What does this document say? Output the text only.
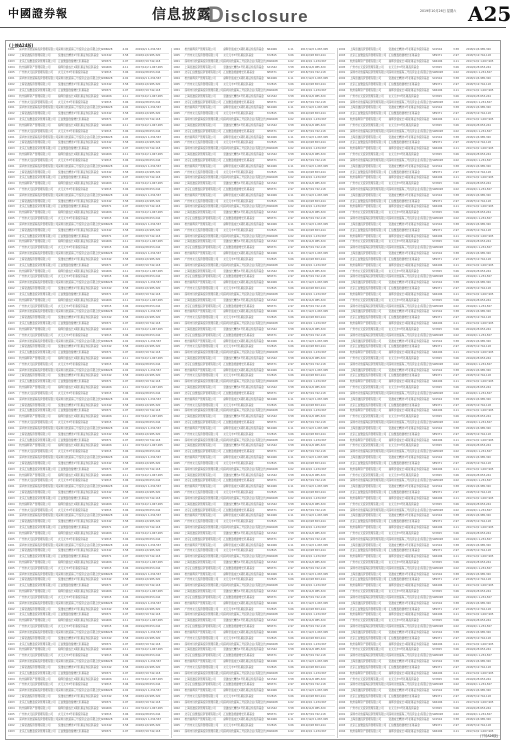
中國證券報	信息披露
Disclosure	2019年10月26日 星期六 A25
(上接A24版)
1001	深圳市远致富海投资管理有限公司 深圳远致富海三号投资企业(有限合伙) SW6028	4.02	2019/4/1 1,234,567
1002	上海宽潍投资管理有限公司	宽潍成长精选1号私募证券投资基金	SX1542	3.58	2018/11/6 985,320
1003	北京汇信聚盈投资管理有限公司 汇信聚盈稳健增长私募基金	SE9371	2.97	2018/7/19 742,118
1004	杭州鼎晖资产管理有限公司	鼎晖价值成长1期私募证券投资基金	SR4406	4.11	2017/12/2 1,067,905
1005	广州市玄元投资管理有限公司	玄元元丰3号私募投资基金	SY2815	3.06	2019/2/28 653,244
1001	深圳市远致富海投资管理有限公司 深圳远致富海三号投资企业(有限合伙) SW6028	4.02	2019/4/1 1,234,567
1002	上海宽潍投资管理有限公司	宽潍成长精选1号私募证券投资基金	SX1542	3.58	2018/11/6 985,320
1003	北京汇信聚盈投资管理有限公司 汇信聚盈稳健增长私募基金	SE9371	2.97	2018/7/19 742,118
1004	杭州鼎晖资产管理有限公司	鼎晖价值成长1期私募证券投资基金	SR4406	4.11	2017/12/2 1,067,905
1005	广州市玄元投资管理有限公司	玄元元丰3号私募投资基金	SY2815	3.06	2019/2/28 653,244
1001	深圳市远致富海投资管理有限公司 深圳远致富海三号投资企业(有限合伙) SW6028	4.02	2019/4/1 1,234,567
1002	上海宽潍投资管理有限公司	宽潍成长精选1号私募证券投资基金	SX1542	3.58	2018/11/6 985,320
1003	北京汇信聚盈投资管理有限公司 汇信聚盈稳健增长私募基金	SE9371	2.97	2018/7/19 742,118
1004	杭州鼎晖资产管理有限公司	鼎晖价值成长1期私募证券投资基金	SR4406	4.11	2017/12/2 1,067,905
1005	广州市玄元投资管理有限公司	玄元元丰3号私募投资基金	SY2815	3.06	2019/2/28 653,244
1001	深圳市远致富海投资管理有限公司 深圳远致富海三号投资企业(有限合伙) SW6028	4.02	2019/4/1 1,234,567
1002	上海宽潍投资管理有限公司	宽潍成长精选1号私募证券投资基金	SX1542	3.58	2018/11/6 985,320
1003	北京汇信聚盈投资管理有限公司 汇信聚盈稳健增长私募基金	SE9371	2.97	2018/7/19 742,118
1004	杭州鼎晖资产管理有限公司	鼎晖价值成长1期私募证券投资基金	SR4406	4.11	2017/12/2 1,067,905
1005	广州市玄元投资管理有限公司	玄元元丰3号私募投资基金	SY2815	3.06	2019/2/28 653,244
1001	深圳市远致富海投资管理有限公司 深圳远致富海三号投资企业(有限合伙) SW6028	4.02	2019/4/1 1,234,567
1002	上海宽潍投资管理有限公司	宽潍成长精选1号私募证券投资基金	SX1542	3.58	2018/11/6 985,320
1003	北京汇信聚盈投资管理有限公司 汇信聚盈稳健增长私募基金	SE9371	2.97	2018/7/19 742,118
1004	杭州鼎晖资产管理有限公司	鼎晖价值成长1期私募证券投资基金	SR4406	4.11	2017/12/2 1,067,905
1005	广州市玄元投资管理有限公司	玄元元丰3号私募投资基金	SY2815	3.06	2019/2/28 653,244
1001	深圳市远致富海投资管理有限公司 深圳远致富海三号投资企业(有限合伙) SW6028	4.02	2019/4/1 1,234,567
1002	上海宽潍投资管理有限公司	宽潍成长精选1号私募证券投资基金	SX1542	3.58	2018/11/6 985,320
1003	北京汇信聚盈投资管理有限公司 汇信聚盈稳健增长私募基金	SE9371	2.97	2018/7/19 742,118
1004	杭州鼎晖资产管理有限公司	鼎晖价值成长1期私募证券投资基金	SR4406	4.11	2017/12/2 1,067,905
1005	广州市玄元投资管理有限公司	玄元元丰3号私募投资基金	SY2815	3.06	2019/2/28 653,244
1001	深圳市远致富海投资管理有限公司 深圳远致富海三号投资企业(有限合伙) SW6028	4.02	2019/4/1 1,234,567
1002	上海宽潍投资管理有限公司	宽潍成长精选1号私募证券投资基金	SX1542	3.58	2018/11/6 985,320
1003	北京汇信聚盈投资管理有限公司 汇信聚盈稳健增长私募基金	SE9371	2.97	2018/7/19 742,118
1004	杭州鼎晖资产管理有限公司	鼎晖价值成长1期私募证券投资基金	SR4406	4.11	2017/12/2 1,067,905
1005	广州市玄元投资管理有限公司	玄元元丰3号私募投资基金	SY2815	3.06	2019/2/28 653,244
1001	深圳市远致富海投资管理有限公司 深圳远致富海三号投资企业(有限合伙) SW6028	4.02	2019/4/1 1,234,567
1002	上海宽潍投资管理有限公司	宽潍成长精选1号私募证券投资基金	SX1542	3.58	2018/11/6 985,320
1003	北京汇信聚盈投资管理有限公司 汇信聚盈稳健增长私募基金	SE9371	2.97	2018/7/19 742,118
1004	杭州鼎晖资产管理有限公司	鼎晖价值成长1期私募证券投资基金	SR4406	4.11	2017/12/2 1,067,905
1005	广州市玄元投资管理有限公司	玄元元丰3号私募投资基金	SY2815	3.06	2019/2/28 653,244
1001	深圳市远致富海投资管理有限公司 深圳远致富海三号投资企业(有限合伙) SW6028	4.02	2019/4/1 1,234,567
1002	上海宽潍投资管理有限公司	宽潍成长精选1号私募证券投资基金	SX1542	3.58	2018/11/6 985,320
1003	北京汇信聚盈投资管理有限公司 汇信聚盈稳健增长私募基金	SE9371	2.97	2018/7/19 742,118
1004	杭州鼎晖资产管理有限公司	鼎晖价值成长1期私募证券投资基金	SR4406	4.11	2017/12/2 1,067,905
1005	广州市玄元投资管理有限公司	玄元元丰3号私募投资基金	SY2815	3.06	2019/2/28 653,244
1001	深圳市远致富海投资管理有限公司 深圳远致富海三号投资企业(有限合伙) SW6028	4.02	2019/4/1 1,234,567
1002	上海宽潍投资管理有限公司	宽潍成长精选1号私募证券投资基金	SX1542	3.58	2018/11/6 985,320
1003	北京汇信聚盈投资管理有限公司 汇信聚盈稳健增长私募基金	SE9371	2.97	2018/7/19 742,118
1004	杭州鼎晖资产管理有限公司	鼎晖价值成长1期私募证券投资基金	SR4406	4.11	2017/12/2 1,067,905
1005	广州市玄元投资管理有限公司	玄元元丰3号私募投资基金	SY2815	3.06	2019/2/28 653,244
1001	深圳市远致富海投资管理有限公司 深圳远致富海三号投资企业(有限合伙) SW6028	4.02	2019/4/1 1,234,567
1002	上海宽潍投资管理有限公司	宽潍成长精选1号私募证券投资基金	SX1542	3.58	2018/11/6 985,320
1003	北京汇信聚盈投资管理有限公司 汇信聚盈稳健增长私募基金	SE9371	2.97	2018/7/19 742,118
1004	杭州鼎晖资产管理有限公司	鼎晖价值成长1期私募证券投资基金	SR4406	4.11	2017/12/2 1,067,905
1005	广州市玄元投资管理有限公司	玄元元丰3号私募投资基金	SY2815	3.06	2019/2/28 653,244
1001	深圳市远致富海投资管理有限公司 深圳远致富海三号投资企业(有限合伙) SW6028	4.02	2019/4/1 1,234,567
1002	上海宽潍投资管理有限公司	宽潍成长精选1号私募证券投资基金	SX1542	3.58	2018/11/6 985,320
1003	北京汇信聚盈投资管理有限公司 汇信聚盈稳健增长私募基金	SE9371	2.97	2018/7/19 742,118
1004	杭州鼎晖资产管理有限公司	鼎晖价值成长1期私募证券投资基金	SR4406	4.11	2017/12/2 1,067,905
1005	广州市玄元投资管理有限公司	玄元元丰3号私募投资基金	SY2815	3.06	2019/2/28 653,244
1001	深圳市远致富海投资管理有限公司 深圳远致富海三号投资企业(有限合伙) SW6028	4.02	2019/4/1 1,234,567
1002	上海宽潍投资管理有限公司	宽潍成长精选1号私募证券投资基金	SX1542	3.58	2018/11/6 985,320
1003	北京汇信聚盈投资管理有限公司 汇信聚盈稳健增长私募基金	SE9371	2.97	2018/7/19 742,118
1004	杭州鼎晖资产管理有限公司	鼎晖价值成长1期私募证券投资基金	SR4406	4.11	2017/12/2 1,067,905
1005	广州市玄元投资管理有限公司	玄元元丰3号私募投资基金	SY2815	3.06	2019/2/28 653,244
1001	深圳市远致富海投资管理有限公司 深圳远致富海三号投资企业(有限合伙) SW6028	4.02	2019/4/1 1,234,567
1002	上海宽潍投资管理有限公司	宽潍成长精选1号私募证券投资基金	SX1542	3.58	2018/11/6 985,320
1003	北京汇信聚盈投资管理有限公司 汇信聚盈稳健增长私募基金	SE9371	2.97	2018/7/19 742,118
1004	杭州鼎晖资产管理有限公司	鼎晖价值成长1期私募证券投资基金	SR4406	4.11	2017/12/2 1,067,905
1005	广州市玄元投资管理有限公司	玄元元丰3号私募投资基金	SY2815	3.06	2019/2/28 653,244
1001	深圳市远致富海投资管理有限公司 深圳远致富海三号投资企业(有限合伙) SW6028	4.02	2019/4/1 1,234,567
1002	上海宽潍投资管理有限公司	宽潍成长精选1号私募证券投资基金	SX1542	3.58	2018/11/6 985,320
1003	北京汇信聚盈投资管理有限公司 汇信聚盈稳健增长私募基金	SE9371	2.97	2018/7/19 742,118
1004	杭州鼎晖资产管理有限公司	鼎晖价值成长1期私募证券投资基金	SR4406	4.11	2017/12/2 1,067,905
1005	广州市玄元投资管理有限公司	玄元元丰3号私募投资基金	SY2815	3.06	2019/2/28 653,244
1001	深圳市远致富海投资管理有限公司 深圳远致富海三号投资企业(有限合伙) SW6028	4.02	2019/4/1 1,234,567
1002	上海宽潍投资管理有限公司	宽潍成长精选1号私募证券投资基金	SX1542	3.58	2018/11/6 985,320
1003	北京汇信聚盈投资管理有限公司 汇信聚盈稳健增长私募基金	SE9371	2.97	2018/7/19 742,118
1004	杭州鼎晖资产管理有限公司	鼎晖价值成长1期私募证券投资基金	SR4406	4.11	2017/12/2 1,067,905
1005	广州市玄元投资管理有限公司	玄元元丰3号私募投资基金	SY2815	3.06	2019/2/28 653,244
1001	深圳市远致富海投资管理有限公司 深圳远致富海三号投资企业(有限合伙) SW6028	4.02	2019/4/1 1,234,567
1002	上海宽潍投资管理有限公司	宽潍成长精选1号私募证券投资基金	SX1542	3.58	2018/11/6 985,320
1003	北京汇信聚盈投资管理有限公司 汇信聚盈稳健增长私募基金	SE9371	2.97	2018/7/19 742,118
1004	杭州鼎晖资产管理有限公司	鼎晖价值成长1期私募证券投资基金	SR4406	4.11	2017/12/2 1,067,905
1005	广州市玄元投资管理有限公司	玄元元丰3号私募投资基金	SY2815	3.06	2019/2/28 653,244
1001	深圳市远致富海投资管理有限公司 深圳远致富海三号投资企业(有限合伙) SW6028	4.02	2019/4/1 1,234,567
1002	上海宽潍投资管理有限公司	宽潍成长精选1号私募证券投资基金	SX1542	3.58	2018/11/6 985,320
1003	北京汇信聚盈投资管理有限公司 汇信聚盈稳健增长私募基金	SE9371	2.97	2018/7/19 742,118
1004	杭州鼎晖资产管理有限公司	鼎晖价值成长1期私募证券投资基金	SR4406	4.11	2017/12/2 1,067,905
1005	广州市玄元投资管理有限公司	玄元元丰3号私募投资基金	SY2815	3.06	2019/2/28 653,244
1001	深圳市远致富海投资管理有限公司 深圳远致富海三号投资企业(有限合伙) SW6028	4.02	2019/4/1 1,234,567
1002	上海宽潍投资管理有限公司	宽潍成长精选1号私募证券投资基金	SX1542	3.58	2018/11/6 985,320
1003	北京汇信聚盈投资管理有限公司 汇信聚盈稳健增长私募基金	SE9371	2.97	2018/7/19 742,118
1004	杭州鼎晖资产管理有限公司	鼎晖价值成长1期私募证券投资基金	SR4406	4.11	2017/12/2 1,067,905
1005	广州市玄元投资管理有限公司	玄元元丰3号私募投资基金	SY2815	3.06	2019/2/28 653,244
1001	深圳市远致富海投资管理有限公司 深圳远致富海三号投资企业(有限合伙) SW6028	4.02	2019/4/1 1,234,567
1002	上海宽潍投资管理有限公司	宽潍成长精选1号私募证券投资基金	SX1542	3.58	2018/11/6 985,320
1003	北京汇信聚盈投资管理有限公司 汇信聚盈稳健增长私募基金	SE9371	2.97	2018/7/19 742,118
1004	杭州鼎晖资产管理有限公司	鼎晖价值成长1期私募证券投资基金	SR4406	4.11	2017/12/2 1,067,905
1005	广州市玄元投资管理有限公司	玄元元丰3号私募投资基金	SY2815	3.06	2019/2/28 653,244
1001	深圳市远致富海投资管理有限公司 深圳远致富海三号投资企业(有限合伙) SW6028	4.02	2019/4/1 1,234,567
1002	上海宽潍投资管理有限公司	宽潍成长精选1号私募证券投资基金	SX1542	3.58	2018/11/6 985,320
1003	北京汇信聚盈投资管理有限公司 汇信聚盈稳健增长私募基金	SE9371	2.97	2018/7/19 742,118
1004	杭州鼎晖资产管理有限公司	鼎晖价值成长1期私募证券投资基金	SR4406	4.11	2017/12/2 1,067,905
1005	广州市玄元投资管理有限公司	玄元元丰3号私募投资基金	SY2815	3.06	2019/2/28 653,244
1001	深圳市远致富海投资管理有限公司 深圳远致富海三号投资企业(有限合伙) SW6028	4.02	2019/4/1 1,234,567
1002	上海宽潍投资管理有限公司	宽潍成长精选1号私募证券投资基金	SX1542	3.58	2018/11/6 985,320
1003	北京汇信聚盈投资管理有限公司 汇信聚盈稳健增长私募基金	SE9371	2.97	2018/7/19 742,118
1004	杭州鼎晖资产管理有限公司	鼎晖价值成长1期私募证券投资基金	SR4406	4.11	2017/12/2 1,067,905
1005	广州市玄元投资管理有限公司	玄元元丰3号私募投资基金	SY2815	3.06	2019/2/28 653,244
1001	深圳市远致富海投资管理有限公司 深圳远致富海三号投资企业(有限合伙) SW6028	4.02	2019/4/1 1,234,567
1002	上海宽潍投资管理有限公司	宽潍成长精选1号私募证券投资基金	SX1542	3.58	2018/11/6 985,320
1003	北京汇信聚盈投资管理有限公司 汇信聚盈稳健增长私募基金	SE9371	2.97	2018/7/19 742,118
1004	杭州鼎晖资产管理有限公司	鼎晖价值成长1期私募证券投资基金	SR4406	4.11	2017/12/2 1,067,905
1005	广州市玄元投资管理有限公司	玄元元丰3号私募投资基金	SY2815	3.06	2019/2/28 653,244
1001	深圳市远致富海投资管理有限公司 深圳远致富海三号投资企业(有限合伙) SW6028	4.02	2019/4/1 1,234,567
1002	上海宽潍投资管理有限公司	宽潍成长精选1号私募证券投资基金	SX1542	3.58	2018/11/6 985,320
1003	北京汇信聚盈投资管理有限公司 汇信聚盈稳健增长私募基金	SE9371	2.97	2018/7/19 742,118
1004	杭州鼎晖资产管理有限公司	鼎晖价值成长1期私募证券投资基金	SR4406	4.11	2017/12/2 1,067,905
1005	广州市玄元投资管理有限公司	玄元元丰3号私募投资基金	SY2815	3.06	2019/2/28 653,244
1001	深圳市远致富海投资管理有限公司 深圳远致富海三号投资企业(有限合伙) SW6028	4.02	2019/4/1 1,234,567
1002	上海宽潍投资管理有限公司	宽潍成长精选1号私募证券投资基金	SX1542	3.58	2018/11/6 985,320
1003	北京汇信聚盈投资管理有限公司 汇信聚盈稳健增长私募基金	SE9371	2.97	2018/7/19 742,118
1004	杭州鼎晖资产管理有限公司	鼎晖价值成长1期私募证券投资基金	SR4406	4.11	2017/12/2 1,067,905
1005	广州市玄元投资管理有限公司	玄元元丰3号私募投资基金	SY2815	3.06	2019/2/28 653,244
1001	深圳市远致富海投资管理有限公司 深圳远致富海三号投资企业(有限合伙) SW6028	4.02	2019/4/1 1,234,567
1002	上海宽潍投资管理有限公司	宽潍成长精选1号私募证券投资基金	SX1542	3.58	2018/11/6 985,320
1003	北京汇信聚盈投资管理有限公司 汇信聚盈稳健增长私募基金	SE9371	2.97	2018/7/19 742,118
1004	杭州鼎晖资产管理有限公司	鼎晖价值成长1期私募证券投资基金	SR4406	4.11	2017/12/2 1,067,905
1005	广州市玄元投资管理有限公司	玄元元丰3号私募投资基金	SY2815	3.06	2019/2/28 653,244
1001	深圳市远致富海投资管理有限公司 深圳远致富海三号投资企业(有限合伙) SW6028	4.02	2019/4/1 1,234,567
1002	上海宽潍投资管理有限公司	宽潍成长精选1号私募证券投资基金	SX1542	3.58	2018/11/6 985,320
1003	北京汇信聚盈投资管理有限公司 汇信聚盈稳健增长私募基金	SE9371	2.97	2018/7/19 742,118
1004	杭州鼎晖资产管理有限公司	鼎晖价值成长1期私募证券投资基金	SR4406	4.11	2017/12/2 1,067,905
1005	广州市玄元投资管理有限公司	玄元元丰3号私募投资基金	SY2815	3.06	2019/2/28 653,244
1001	深圳市远致富海投资管理有限公司 深圳远致富海三号投资企业(有限合伙) SW6028	4.02	2019/4/1 1,234,567
1002	上海宽潍投资管理有限公司	宽潍成长精选1号私募证券投资基金	SX1542	3.58	2018/11/6 985,320
1003	北京汇信聚盈投资管理有限公司 汇信聚盈稳健增长私募基金	SE9371	2.97	2018/7/19 742,118
1004	杭州鼎晖资产管理有限公司	鼎晖价值成长1期私募证券投资基金	SR4406	4.11	2017/12/2 1,067,905
1005	广州市玄元投资管理有限公司	玄元元丰3号私募投资基金	SY2815	3.06	2019/2/28 653,244
1001	深圳市远致富海投资管理有限公司 深圳远致富海三号投资企业(有限合伙) SW6028	4.02	2019/4/1 1,234,567
1002	上海宽潍投资管理有限公司	宽潍成长精选1号私募证券投资基金	SX1542	3.58	2018/11/6 985,320
1003	北京汇信聚盈投资管理有限公司 汇信聚盈稳健增长私募基金	SE9371	2.97	2018/7/19 742,118
1004	杭州鼎晖资产管理有限公司	鼎晖价值成长1期私募证券投资基金	SR4406	4.11	2017/12/2 1,067,905
1005	广州市玄元投资管理有限公司	玄元元丰3号私募投资基金	SY2815	3.06	2019/2/28 653,244
1001	深圳市远致富海投资管理有限公司 深圳远致富海三号投资企业(有限合伙) SW6028	4.02	2019/4/1 1,234,567
1002	上海宽潍投资管理有限公司	宽潍成长精选1号私募证券投资基金	SX1542	3.58	2018/11/6 985,320
1003	北京汇信聚盈投资管理有限公司 汇信聚盈稳健增长私募基金	SE9371	2.97	2018/7/19 742,118
1004	杭州鼎晖资产管理有限公司	鼎晖价值成长1期私募证券投资基金	SR4406	4.11	2017/12/2 1,067,905
1005	广州市玄元投资管理有限公司	玄元元丰3号私募投资基金	SY2815	3.06	2019/2/28 653,244
1001	深圳市远致富海投资管理有限公司 深圳远致富海三号投资企业(有限合伙) SW6028	4.02	2019/4/1 1,234,567
1002	上海宽潍投资管理有限公司	宽潍成长精选1号私募证券投资基金	SX1542	3.58	2018/11/6 985,320
1003	北京汇信聚盈投资管理有限公司 汇信聚盈稳健增长私募基金	SE9371	2.97	2018/7/19 742,118
1004	杭州鼎晖资产管理有限公司	鼎晖价值成长1期私募证券投资基金	SR4406	4.11	2017/12/2 1,067,905
1005	广州市玄元投资管理有限公司	玄元元丰3号私募投资基金	SY2815	3.06	2019/2/28 653,244
1001	深圳市远致富海投资管理有限公司 深圳远致富海三号投资企业(有限合伙) SW6028	4.02	2019/4/1 1,234,567
1002	上海宽潍投资管理有限公司	宽潍成长精选1号私募证券投资基金	SX1542	3.58	2018/11/6 985,320
1003	北京汇信聚盈投资管理有限公司 汇信聚盈稳健增长私募基金	SE9371	2.97	2018/7/19 742,118
1004	杭州鼎晖资产管理有限公司	鼎晖价值成长1期私募证券投资基金	SR4406	4.11	2017/12/2 1,067,905
1005	广州市玄元投资管理有限公司	玄元元丰3号私募投资基金	SY2815	3.06	2019/2/28 653,244
1001	深圳市远致富海投资管理有限公司 深圳远致富海三号投资企业(有限合伙) SW6028	4.02	2019/4/1 1,234,567
1002	上海宽潍投资管理有限公司	宽潍成长精选1号私募证券投资基金	SX1542	3.58	2018/11/6 985,320
1003	北京汇信聚盈投资管理有限公司 汇信聚盈稳健增长私募基金	SE9371	2.97	2018/7/19 742,118
1004	杭州鼎晖资产管理有限公司	鼎晖价值成长1期私募证券投资基金	SR4406	4.11	2017/12/2 1,067,905
1005	广州市玄元投资管理有限公司	玄元元丰3号私募投资基金	SY2815	3.06	2019/2/28 653,244
1001	深圳市远致富海投资管理有限公司 深圳远致富海三号投资企业(有限合伙) SW6028	4.02	2019/4/1 1,234,567
1002	上海宽潍投资管理有限公司	宽潍成长精选1号私募证券投资基金	SX1542	3.58	2018/11/6 985,320
1003	北京汇信聚盈投资管理有限公司 汇信聚盈稳健增长私募基金	SE9371	2.97	2018/7/19 742,118
1004	杭州鼎晖资产管理有限公司	鼎晖价值成长1期私募证券投资基金	SR4406	4.11	2017/12/2 1,067,905
1005	广州市玄元投资管理有限公司	玄元元丰3号私募投资基金	SY2815	3.06	2019/2/28 653,244
1001	深圳市远致富海投资管理有限公司 深圳远致富海三号投资企业(有限合伙) SW6028	4.02	2019/4/1 1,234,567
1002	上海宽潍投资管理有限公司	宽潍成长精选1号私募证券投资基金	SX1542	3.58	2018/11/6 985,320
1003	北京汇信聚盈投资管理有限公司 汇信聚盈稳健增长私募基金	SE9371	2.97	2018/7/19 742,118
1004	杭州鼎晖资产管理有限公司	鼎晖价值成长1期私募证券投资基金	SR4406	4.11	2017/12/2 1,067,905
1005	广州市玄元投资管理有限公司	玄元元丰3号私募投资基金	SY2815	3.06	2019/2/28 653,244
1001	深圳市远致富海投资管理有限公司 深圳远致富海三号投资企业(有限合伙) SW6028	4.02	2019/4/1 1,234,567
1002	上海宽潍投资管理有限公司	宽潍成长精选1号私募证券投资基金	SX1542	3.58	2018/11/6 985,320
1003	北京汇信聚盈投资管理有限公司 汇信聚盈稳健增长私募基金	SE9371	2.97	2018/7/19 742,118
1004	杭州鼎晖资产管理有限公司	鼎晖价值成长1期私募证券投资基金	SR4406	4.11	2017/12/2 1,067,905
1005	广州市玄元投资管理有限公司	玄元元丰3号私募投资基金	SY2815	3.06	2019/2/28 653,244
1001	深圳市远致富海投资管理有限公司 深圳远致富海三号投资企业(有限合伙) SW6028	4.02	2019/4/1 1,234,567
1002	上海宽潍投资管理有限公司	宽潍成长精选1号私募证券投资基金	SX1542	3.58	2018/11/6 985,320
1003	北京汇信聚盈投资管理有限公司 汇信聚盈稳健增长私募基金	SE9371	2.97	2018/7/19 742,118
1004	杭州鼎晖资产管理有限公司	鼎晖价值成长1期私募证券投资基金	SR4406	4.11	2017/12/2 1,067,905
1005	广州市玄元投资管理有限公司	玄元元丰3号私募投资基金	SY2815	3.06	2019/2/28 653,244
1001	深圳市远致富海投资管理有限公司 深圳远致富海三号投资企业(有限合伙) SW6028	4.02	2019/4/1 1,234,567
1002	上海宽潍投资管理有限公司	宽潍成长精选1号私募证券投资基金	SX1542	3.58	2018/11/6 985,320
1003	北京汇信聚盈投资管理有限公司 汇信聚盈稳健增长私募基金	SE9371	2.97	2018/7/19 742,118
1004	杭州鼎晖资产管理有限公司	鼎晖价值成长1期私募证券投资基金	SR4406	4.11	2017/12/2 1,067,905
1005	广州市玄元投资管理有限公司	玄元元丰3号私募投资基金	SY2815	3.06	2019/2/28 653,244
1001	深圳市远致富海投资管理有限公司 深圳远致富海三号投资企业(有限合伙) SW6028	4.02	2019/4/1 1,234,567
1002	上海宽潍投资管理有限公司	宽潍成长精选1号私募证券投资基金	SX1542	3.58	2018/11/6 985,320
1003	北京汇信聚盈投资管理有限公司 汇信聚盈稳健增长私募基金	SE9371	2.97	2018/7/19 742,118
1004	杭州鼎晖资产管理有限公司	鼎晖价值成长1期私募证券投资基金	SR4406	4.11	2017/12/2 1,067,905
1005	广州市玄元投资管理有限公司	玄元元丰3号私募投资基金	SY2815	3.06	2019/2/28 653,244
1001	深圳市远致富海投资管理有限公司 深圳远致富海三号投资企业(有限合伙) SW6028	4.02	2019/4/1 1,234,567
1002	上海宽潍投资管理有限公司	宽潍成长精选1号私募证券投资基金	SX1542	3.58	2018/11/6 985,320
1003	北京汇信聚盈投资管理有限公司 汇信聚盈稳健增长私募基金	SE9371	2.97	2018/7/19 742,118
1004	杭州鼎晖资产管理有限公司	鼎晖价值成长1期私募证券投资基金	SR4406	4.11	2017/12/2 1,067,905
1005	广州市玄元投资管理有限公司	玄元元丰3号私募投资基金	SY2815	3.06	2019/2/28 653,244
1001	深圳市远致富海投资管理有限公司 深圳远致富海三号投资企业(有限合伙) SW6028	4.02	2019/4/1 1,234,567
1002	上海宽潍投资管理有限公司	宽潍成长精选1号私募证券投资基金	SX1542	3.58	2018/11/6 985,320
1003	北京汇信聚盈投资管理有限公司 汇信聚盈稳健增长私募基金	SE9371	2.97	2018/7/19 742,118
1004	杭州鼎晖资产管理有限公司	鼎晖价值成长1期私募证券投资基金	SR4406	4.11	2017/12/2 1,067,905
1005	广州市玄元投资管理有限公司	玄元元丰3号私募投资基金	SY2815	3.06	2019/2/28 653,244
1001	深圳市远致富海投资管理有限公司 深圳远致富海三号投资企业(有限合伙) SW6028	4.02	2019/4/1 1,234,567
1002	上海宽潍投资管理有限公司	宽潍成长精选1号私募证券投资基金	SX1542	3.58	2018/11/6 985,320
1003	北京汇信聚盈投资管理有限公司 汇信聚盈稳健增长私募基金	SE9371	2.97	2018/7/19 742,118
1004	杭州鼎晖资产管理有限公司	鼎晖价值成长1期私募证券投资基金	SR4406	4.11	2017/12/2 1,067,905
1005	广州市玄元投资管理有限公司	玄元元丰3号私募投资基金	SY2815	3.06	2019/2/28 653,244
1001	深圳市远致富海投资管理有限公司 深圳远致富海三号投资企业(有限合伙) SW6028	4.02	2019/4/1 1,234,567
1002	上海宽潍投资管理有限公司	宽潍成长精选1号私募证券投资基金	SX1542	3.58	2018/11/6 985,320
1003	北京汇信聚盈投资管理有限公司 汇信聚盈稳健增长私募基金	SE9371	2.97	2018/7/19 742,118
1004	杭州鼎晖资产管理有限公司	鼎晖价值成长1期私募证券投资基金	SR4406	4.11	2017/12/2 1,067,905
1005	广州市玄元投资管理有限公司	玄元元丰3号私募投资基金	SY2815	3.06	2019/2/28 653,244
1001	深圳市远致富海投资管理有限公司 深圳远致富海三号投资企业(有限合伙) SW6028	4.02	2019/4/1 1,234,567
1002	上海宽潍投资管理有限公司	宽潍成长精选1号私募证券投资基金	SX1542	3.58	2018/11/6 985,320
1003	北京汇信聚盈投资管理有限公司 汇信聚盈稳健增长私募基金	SE9371	2.97	2018/7/19 742,118
1004	杭州鼎晖资产管理有限公司	鼎晖价值成长1期私募证券投资基金	SR4406	4.11	2017/12/2 1,067,905
1005	广州市玄元投资管理有限公司	玄元元丰3号私募投资基金	SY2815	3.06	2019/2/28 653,244
1001	深圳市远致富海投资管理有限公司 深圳远致富海三号投资企业(有限合伙) SW6028	4.02	2019/4/1 1,234,567
1002	上海宽潍投资管理有限公司	宽潍成长精选1号私募证券投资基金	SX1542	3.58	2018/11/6 985,320
1003	北京汇信聚盈投资管理有限公司 汇信聚盈稳健增长私募基金	SE9371	2.97	2018/7/19 742,118
1004	杭州鼎晖资产管理有限公司	鼎晖价值成长1期私募证券投资基金	SR4406	4.11	2017/12/2 1,067,905
1005	广州市玄元投资管理有限公司	玄元元丰3号私募投资基金	SY2815	3.06	2019/2/28 653,244
1001	深圳市远致富海投资管理有限公司 深圳远致富海三号投资企业(有限合伙) SW6028	4.02	2019/4/1 1,234,567
1002	上海宽潍投资管理有限公司	宽潍成长精选1号私募证券投资基金	SX1542	3.58	2018/11/6 985,320
1003	北京汇信聚盈投资管理有限公司 汇信聚盈稳健增长私募基金	SE9371	2.97	2018/7/19 742,118
1004	杭州鼎晖资产管理有限公司	鼎晖价值成长1期私募证券投资基金	SR4406	4.11	2017/12/2 1,067,905
1005	广州市玄元投资管理有限公司	玄元元丰3号私募投资基金	SY2815	3.06	2019/2/28 653,244
1001	深圳市远致富海投资管理有限公司 深圳远致富海三号投资企业(有限合伙) SW6028	4.02	2019/4/1 1,234,567
1002	上海宽潍投资管理有限公司	宽潍成长精选1号私募证券投资基金	SX1542	3.58	2018/11/6 985,320
1003	北京汇信聚盈投资管理有限公司 汇信聚盈稳健增长私募基金	SE9371	2.97	2018/7/19 742,118
1004	杭州鼎晖资产管理有限公司	鼎晖价值成长1期私募证券投资基金	SR4406	4.11	2017/12/2 1,067,905
1005	广州市玄元投资管理有限公司	玄元元丰3号私募投资基金	SY2815	3.06	2019/2/28 653,244
1001	深圳市远致富海投资管理有限公司 深圳远致富海三号投资企业(有限合伙) SW6028	4.02	2019/4/1 1,234,567
1002	上海宽潍投资管理有限公司	宽潍成长精选1号私募证券投资基金	SX1542	3.58	2018/11/6 985,320
1003	北京汇信聚盈投资管理有限公司 汇信聚盈稳健增长私募基金	SE9371	2.97	2018/7/19 742,118
1004	杭州鼎晖资产管理有限公司	鼎晖价值成长1期私募证券投资基金	SR4406	4.11	2017/12/2 1,067,905
1005	广州市玄元投资管理有限公司	玄元元丰3号私募投资基金	SY2815	3.06	2019/2/28 653,244
1001	深圳市远致富海投资管理有限公司 深圳远致富海三号投资企业(有限合伙) SW6028	4.02	2019/4/1 1,234,567
1002	上海宽潍投资管理有限公司	宽潍成长精选1号私募证券投资基金	SX1542	3.58	2018/11/6 985,320
1003	北京汇信聚盈投资管理有限公司 汇信聚盈稳健增长私募基金	SE9371	2.97	2018/7/19 742,118
1004	杭州鼎晖资产管理有限公司	鼎晖价值成长1期私募证券投资基金	SR4406	4.11	2017/12/2 1,067,905
1005	广州市玄元投资管理有限公司	玄元元丰3号私募投资基金	SY2815	3.06	2019/2/28 653,244
1001	深圳市远致富海投资管理有限公司 深圳远致富海三号投资企业(有限合伙) SW6028	4.02	2019/4/1 1,234,567
1002	上海宽潍投资管理有限公司	宽潍成长精选1号私募证券投资基金	SX1542	3.58	2018/11/6 985,320
1003	北京汇信聚盈投资管理有限公司 汇信聚盈稳健增长私募基金	SE9371	2.97	2018/7/19 742,118
1004	杭州鼎晖资产管理有限公司	鼎晖价值成长1期私募证券投资基金	SR4406	4.11	2017/12/2 1,067,905
1005	广州市玄元投资管理有限公司	玄元元丰3号私募投资基金	SY2815	3.06	2019/2/28 653,244
1001	深圳市远致富海投资管理有限公司 深圳远致富海三号投资企业(有限合伙) SW6028	4.02	2019/4/1 1,234,567
1002	上海宽潍投资管理有限公司	宽潍成长精选1号私募证券投资基金	SX1542	3.58	2018/11/6 985,320
1003	北京汇信聚盈投资管理有限公司 汇信聚盈稳健增长私募基金	SE9371	2.97	2018/7/19 742,118
1004	杭州鼎晖资产管理有限公司	鼎晖价值成长1期私募证券投资基金	SR4406	4.11	2017/12/2 1,067,905
1005	广州市玄元投资管理有限公司	玄元元丰3号私募投资基金	SY2815	3.06	2019/2/28 653,244
1001	深圳市远致富海投资管理有限公司 深圳远致富海三号投资企业(有限合伙) SW6028	4.02	2019/4/1 1,234,567
1002	上海宽潍投资管理有限公司	宽潍成长精选1号私募证券投资基金	SX1542	3.58	2018/11/6 985,320
1003	北京汇信聚盈投资管理有限公司 汇信聚盈稳健增长私募基金	SE9371	2.97	2018/7/19 742,118
1004	杭州鼎晖资产管理有限公司	鼎晖价值成长1期私募证券投资基金	SR4406	4.11	2017/12/2 1,067,905
1005	广州市玄元投资管理有限公司	玄元元丰3号私募投资基金	SY2815	3.06	2019/2/28 653,244
1001	深圳市远致富海投资管理有限公司 深圳远致富海三号投资企业(有限合伙) SW6028	4.02	2019/4/1 1,234,567
1002	上海宽潍投资管理有限公司	宽潍成长精选1号私募证券投资基金	SX1542	3.58	2018/11/6 985,320
1003	北京汇信聚盈投资管理有限公司 汇信聚盈稳健增长私募基金	SE9371	2.97	2018/7/19 742,118
1004	杭州鼎晖资产管理有限公司	鼎晖价值成长1期私募证券投资基金	SR4406	4.11	2017/12/2 1,067,905
1005	广州市玄元投资管理有限公司	玄元元丰3号私募投资基金	SY2815	3.06	2019/2/28 653,244
1001	深圳市远致富海投资管理有限公司 深圳远致富海三号投资企业(有限合伙) SW6028	4.02	2019/4/1 1,234,567
1002	上海宽潍投资管理有限公司	宽潍成长精选1号私募证券投资基金	SX1542	3.58	2018/11/6 985,320
1003	北京汇信聚盈投资管理有限公司 汇信聚盈稳健增长私募基金	SE9371	2.97	2018/7/19 742,118
1004	杭州鼎晖资产管理有限公司	鼎晖价值成长1期私募证券投资基金	SR4406	4.11	2017/12/2 1,067,905
1005	广州市玄元投资管理有限公司	玄元元丰3号私募投资基金	SY2815	3.06	2019/2/28 653,244
1001	深圳市远致富海投资管理有限公司 深圳远致富海三号投资企业(有限合伙) SW6028	4.02	2019/4/1 1,234,567
1002	上海宽潍投资管理有限公司	宽潍成长精选1号私募证券投资基金	SX1542	3.58	2018/11/6 985,320
1003	北京汇信聚盈投资管理有限公司 汇信聚盈稳健增长私募基金	SE9371	2.97	2018/7/19 742,118
1004	杭州鼎晖资产管理有限公司	鼎晖价值成长1期私募证券投资基金	SR4406	4.11	2017/12/2 1,067,905
1005	广州市玄元投资管理有限公司	玄元元丰3号私募投资基金	SY2815	3.06	2019/2/28 653,244
1001	深圳市远致富海投资管理有限公司 深圳远致富海三号投资企业(有限合伙) SW6028	4.02	2019/4/1 1,234,567
1002	上海宽潍投资管理有限公司	宽潍成长精选1号私募证券投资基金	SX1542	3.58	2018/11/6 985,320
1003	北京汇信聚盈投资管理有限公司 汇信聚盈稳健增长私募基金	SE9371	2.97	2018/7/19 742,118
1004	杭州鼎晖资产管理有限公司	鼎晖价值成长1期私募证券投资基金	SR4406	4.11	2017/12/2 1,067,905
1005	广州市玄元投资管理有限公司	玄元元丰3号私募投资基金	SY2815	3.06	2019/2/28 653,244
1001	深圳市远致富海投资管理有限公司 深圳远致富海三号投资企业(有限合伙) SW6028	4.02	2019/4/1 1,234,567
1002	上海宽潍投资管理有限公司	宽潍成长精选1号私募证券投资基金	SX1542	3.58	2018/11/6 985,320
1003	北京汇信聚盈投资管理有限公司 汇信聚盈稳健增长私募基金	SE9371	2.97	2018/7/19 742,118
1004	杭州鼎晖资产管理有限公司	鼎晖价值成长1期私募证券投资基金	SR4406	4.11	2017/12/2 1,067,905
1005	广州市玄元投资管理有限公司	玄元元丰3号私募投资基金	SY2815	3.06	2019/2/28 653,244
1001	深圳市远致富海投资管理有限公司 深圳远致富海三号投资企业(有限合伙) SW6028	4.02	2019/4/1 1,234,567
1002	上海宽潍投资管理有限公司	宽潍成长精选1号私募证券投资基金	SX1542	3.58	2018/11/6 985,320
1003	北京汇信聚盈投资管理有限公司 汇信聚盈稳健增长私募基金	SE9371	2.97	2018/7/19 742,118
1004	杭州鼎晖资产管理有限公司	鼎晖价值成长1期私募证券投资基金	SR4406	4.11	2017/12/2 1,067,905
1005	广州市玄元投资管理有限公司	玄元元丰3号私募投资基金	SY2815	3.06	2019/2/28 653,244
1001	深圳市远致富海投资管理有限公司 深圳远致富海三号投资企业(有限合伙) SW6028	4.02	2019/4/1 1,234,567
1002	上海宽潍投资管理有限公司	宽潍成长精选1号私募证券投资基金	SX1542	3.58	2018/11/6 985,320
1003	北京汇信聚盈投资管理有限公司 汇信聚盈稳健增长私募基金	SE9371	2.97	2018/7/19 742,118
1004	杭州鼎晖资产管理有限公司	鼎晖价值成长1期私募证券投资基金	SR4406	4.11	2017/12/2 1,067,905
1005	广州市玄元投资管理有限公司	玄元元丰3号私募投资基金	SY2815	3.06	2019/2/28 653,244
1001	深圳市远致富海投资管理有限公司 深圳远致富海三号投资企业(有限合伙) SW6028	4.02	2019/4/1 1,234,567
1002	上海宽潍投资管理有限公司	宽潍成长精选1号私募证券投资基金	SX1542	3.58	2018/11/6 985,320
1003	北京汇信聚盈投资管理有限公司 汇信聚盈稳健增长私募基金	SE9371	2.97	2018/7/19 742,118
1004	杭州鼎晖资产管理有限公司	鼎晖价值成长1期私募证券投资基金	SR4406	4.11	2017/12/2 1,067,905
1005	广州市玄元投资管理有限公司	玄元元丰3号私募投资基金	SY2815	3.06	2019/2/28 653,244
1001	深圳市远致富海投资管理有限公司 深圳远致富海三号投资企业(有限合伙) SW6028	4.02	2019/4/1 1,234,567
1002	上海宽潍投资管理有限公司	宽潍成长精选1号私募证券投资基金	SX1542	3.58	2018/11/6 985,320
1003	北京汇信聚盈投资管理有限公司 汇信聚盈稳健增长私募基金	SE9371	2.97	2018/7/19 742,118
1004	杭州鼎晖资产管理有限公司	鼎晖价值成长1期私募证券投资基金	SR4406	4.11	2017/12/2 1,067,905
1005	广州市玄元投资管理有限公司	玄元元丰3号私募投资基金	SY2815	3.06	2019/2/28 653,244
1001	深圳市远致富海投资管理有限公司 深圳远致富海三号投资企业(有限合伙) SW6028	4.02	2019/4/1 1,234,567
1002	上海宽潍投资管理有限公司	宽潍成长精选1号私募证券投资基金	SX1542	3.58	2018/11/6 985,320
1003	北京汇信聚盈投资管理有限公司 汇信聚盈稳健增长私募基金	SE9371	2.97	2018/7/19 742,118
1004	杭州鼎晖资产管理有限公司	鼎晖价值成长1期私募证券投资基金	SR4406	4.11	2017/12/2 1,067,905
1005	广州市玄元投资管理有限公司	玄元元丰3号私募投资基金	SY2815	3.06	2019/2/28 653,244
1001	深圳市远致富海投资管理有限公司 深圳远致富海三号投资企业(有限合伙) SW6028	4.02	2019/4/1 1,234,567
1002	上海宽潍投资管理有限公司	宽潍成长精选1号私募证券投资基金	SX1542	3.58	2018/11/6 985,320
1003	北京汇信聚盈投资管理有限公司 汇信聚盈稳健增长私募基金	SE9371	2.97	2018/7/19 742,118
1004	杭州鼎晖资产管理有限公司	鼎晖价值成长1期私募证券投资基金	SR4406	4.11	2017/12/2 1,067,905
1005	广州市玄元投资管理有限公司	玄元元丰3号私募投资基金	SY2815	3.06	2019/2/28 653,244
1001	深圳市远致富海投资管理有限公司 深圳远致富海三号投资企业(有限合伙) SW6028	4.02	2019/4/1 1,234,567
1002	上海宽潍投资管理有限公司	宽潍成长精选1号私募证券投资基金	SX1542	3.58	2018/11/6 985,320
1003	北京汇信聚盈投资管理有限公司 汇信聚盈稳健增长私募基金	SE9371	2.97	2018/7/19 742,118
1004	杭州鼎晖资产管理有限公司	鼎晖价值成长1期私募证券投资基金	SR4406	4.11	2017/12/2 1,067,905
1005	广州市玄元投资管理有限公司	玄元元丰3号私募投资基金	SY2815	3.06	2019/2/28 653,244
1001	深圳市远致富海投资管理有限公司 深圳远致富海三号投资企业(有限合伙) SW6028	4.02	2019/4/1 1,234,567
1002	上海宽潍投资管理有限公司	宽潍成长精选1号私募证券投资基金	SX1542	3.58	2018/11/6 985,320
1003	北京汇信聚盈投资管理有限公司 汇信聚盈稳健增长私募基金	SE9371	2.97	2018/7/19 742,118
1004	杭州鼎晖资产管理有限公司	鼎晖价值成长1期私募证券投资基金	SR4406	4.11	2017/12/2 1,067,905
1005	广州市玄元投资管理有限公司	玄元元丰3号私募投资基金	SY2815	3.06	2019/2/28 653,244
1001	深圳市远致富海投资管理有限公司 深圳远致富海三号投资企业(有限合伙) SW6028	4.02	2019/4/1 1,234,567
1002	上海宽潍投资管理有限公司	宽潍成长精选1号私募证券投资基金	SX1542	3.58	2018/11/6 985,320
1003	北京汇信聚盈投资管理有限公司 汇信聚盈稳健增长私募基金	SE9371	2.97	2018/7/19 742,118
1004	杭州鼎晖资产管理有限公司	鼎晖价值成长1期私募证券投资基金	SR4406	4.11	2017/12/2 1,067,905
1005	广州市玄元投资管理有限公司	玄元元丰3号私募投资基金	SY2815	3.06	2019/2/28 653,244
1001	深圳市远致富海投资管理有限公司 深圳远致富海三号投资企业(有限合伙) SW6028	4.02	2019/4/1 1,234,567
1002	上海宽潍投资管理有限公司	宽潍成长精选1号私募证券投资基金	SX1542	3.58	2018/11/6 985,320
1003	北京汇信聚盈投资管理有限公司 汇信聚盈稳健增长私募基金	SE9371	2.97	2018/7/19 742,118
1004	杭州鼎晖资产管理有限公司	鼎晖价值成长1期私募证券投资基金	SR4406	4.11	2017/12/2 1,067,905
1005	广州市玄元投资管理有限公司	玄元元丰3号私募投资基金	SY2815	3.06	2019/2/28 653,244
1001	深圳市远致富海投资管理有限公司 深圳远致富海三号投资企业(有限合伙) SW6028	4.02	2019/4/1 1,234,567
1002	上海宽潍投资管理有限公司	宽潍成长精选1号私募证券投资基金	SX1542	3.58	2018/11/6 985,320
1003	北京汇信聚盈投资管理有限公司 汇信聚盈稳健增长私募基金	SE9371	2.97	2018/7/19 742,118
1004	杭州鼎晖资产管理有限公司	鼎晖价值成长1期私募证券投资基金	SR4406	4.11	2017/12/2 1,067,905
1005	广州市玄元投资管理有限公司	玄元元丰3号私募投资基金	SY2815	3.06	2019/2/28 653,244
1001	深圳市远致富海投资管理有限公司 深圳远致富海三号投资企业(有限合伙) SW6028	4.02	2019/4/1 1,234,567
1002	上海宽潍投资管理有限公司	宽潍成长精选1号私募证券投资基金	SX1542	3.58	2018/11/6 985,320
1003	北京汇信聚盈投资管理有限公司 汇信聚盈稳健增长私募基金	SE9371	2.97	2018/7/19 742,118
1004	杭州鼎晖资产管理有限公司	鼎晖价值成长1期私募证券投资基金	SR4406	4.11	2017/12/2 1,067,905
1005	广州市玄元投资管理有限公司	玄元元丰3号私募投资基金	SY2815	3.06	2019/2/28 653,244
1001	深圳市远致富海投资管理有限公司 深圳远致富海三号投资企业(有限合伙) SW6028	4.02	2019/4/1 1,234,567
1002	上海宽潍投资管理有限公司	宽潍成长精选1号私募证券投资基金	SX1542	3.58	2018/11/6 985,320
1003	北京汇信聚盈投资管理有限公司 汇信聚盈稳健增长私募基金	SE9371	2.97	2018/7/19 742,118
1004	杭州鼎晖资产管理有限公司	鼎晖价值成长1期私募证券投资基金	SR4406	4.11	2017/12/2 1,067,905
1005	广州市玄元投资管理有限公司	玄元元丰3号私募投资基金	SY2815	3.06	2019/2/28 653,244
1001	深圳市远致富海投资管理有限公司 深圳远致富海三号投资企业(有限合伙) SW6028	4.02	2019/4/1 1,234,567
1002	上海宽潍投资管理有限公司	宽潍成长精选1号私募证券投资基金	SX1542	3.58	2018/11/6 985,320
1003	北京汇信聚盈投资管理有限公司 汇信聚盈稳健增长私募基金	SE9371	2.97	2018/7/19 742,118
1004	杭州鼎晖资产管理有限公司	鼎晖价值成长1期私募证券投资基金	SR4406	4.11	2017/12/2 1,067,905
(下转A26版)
